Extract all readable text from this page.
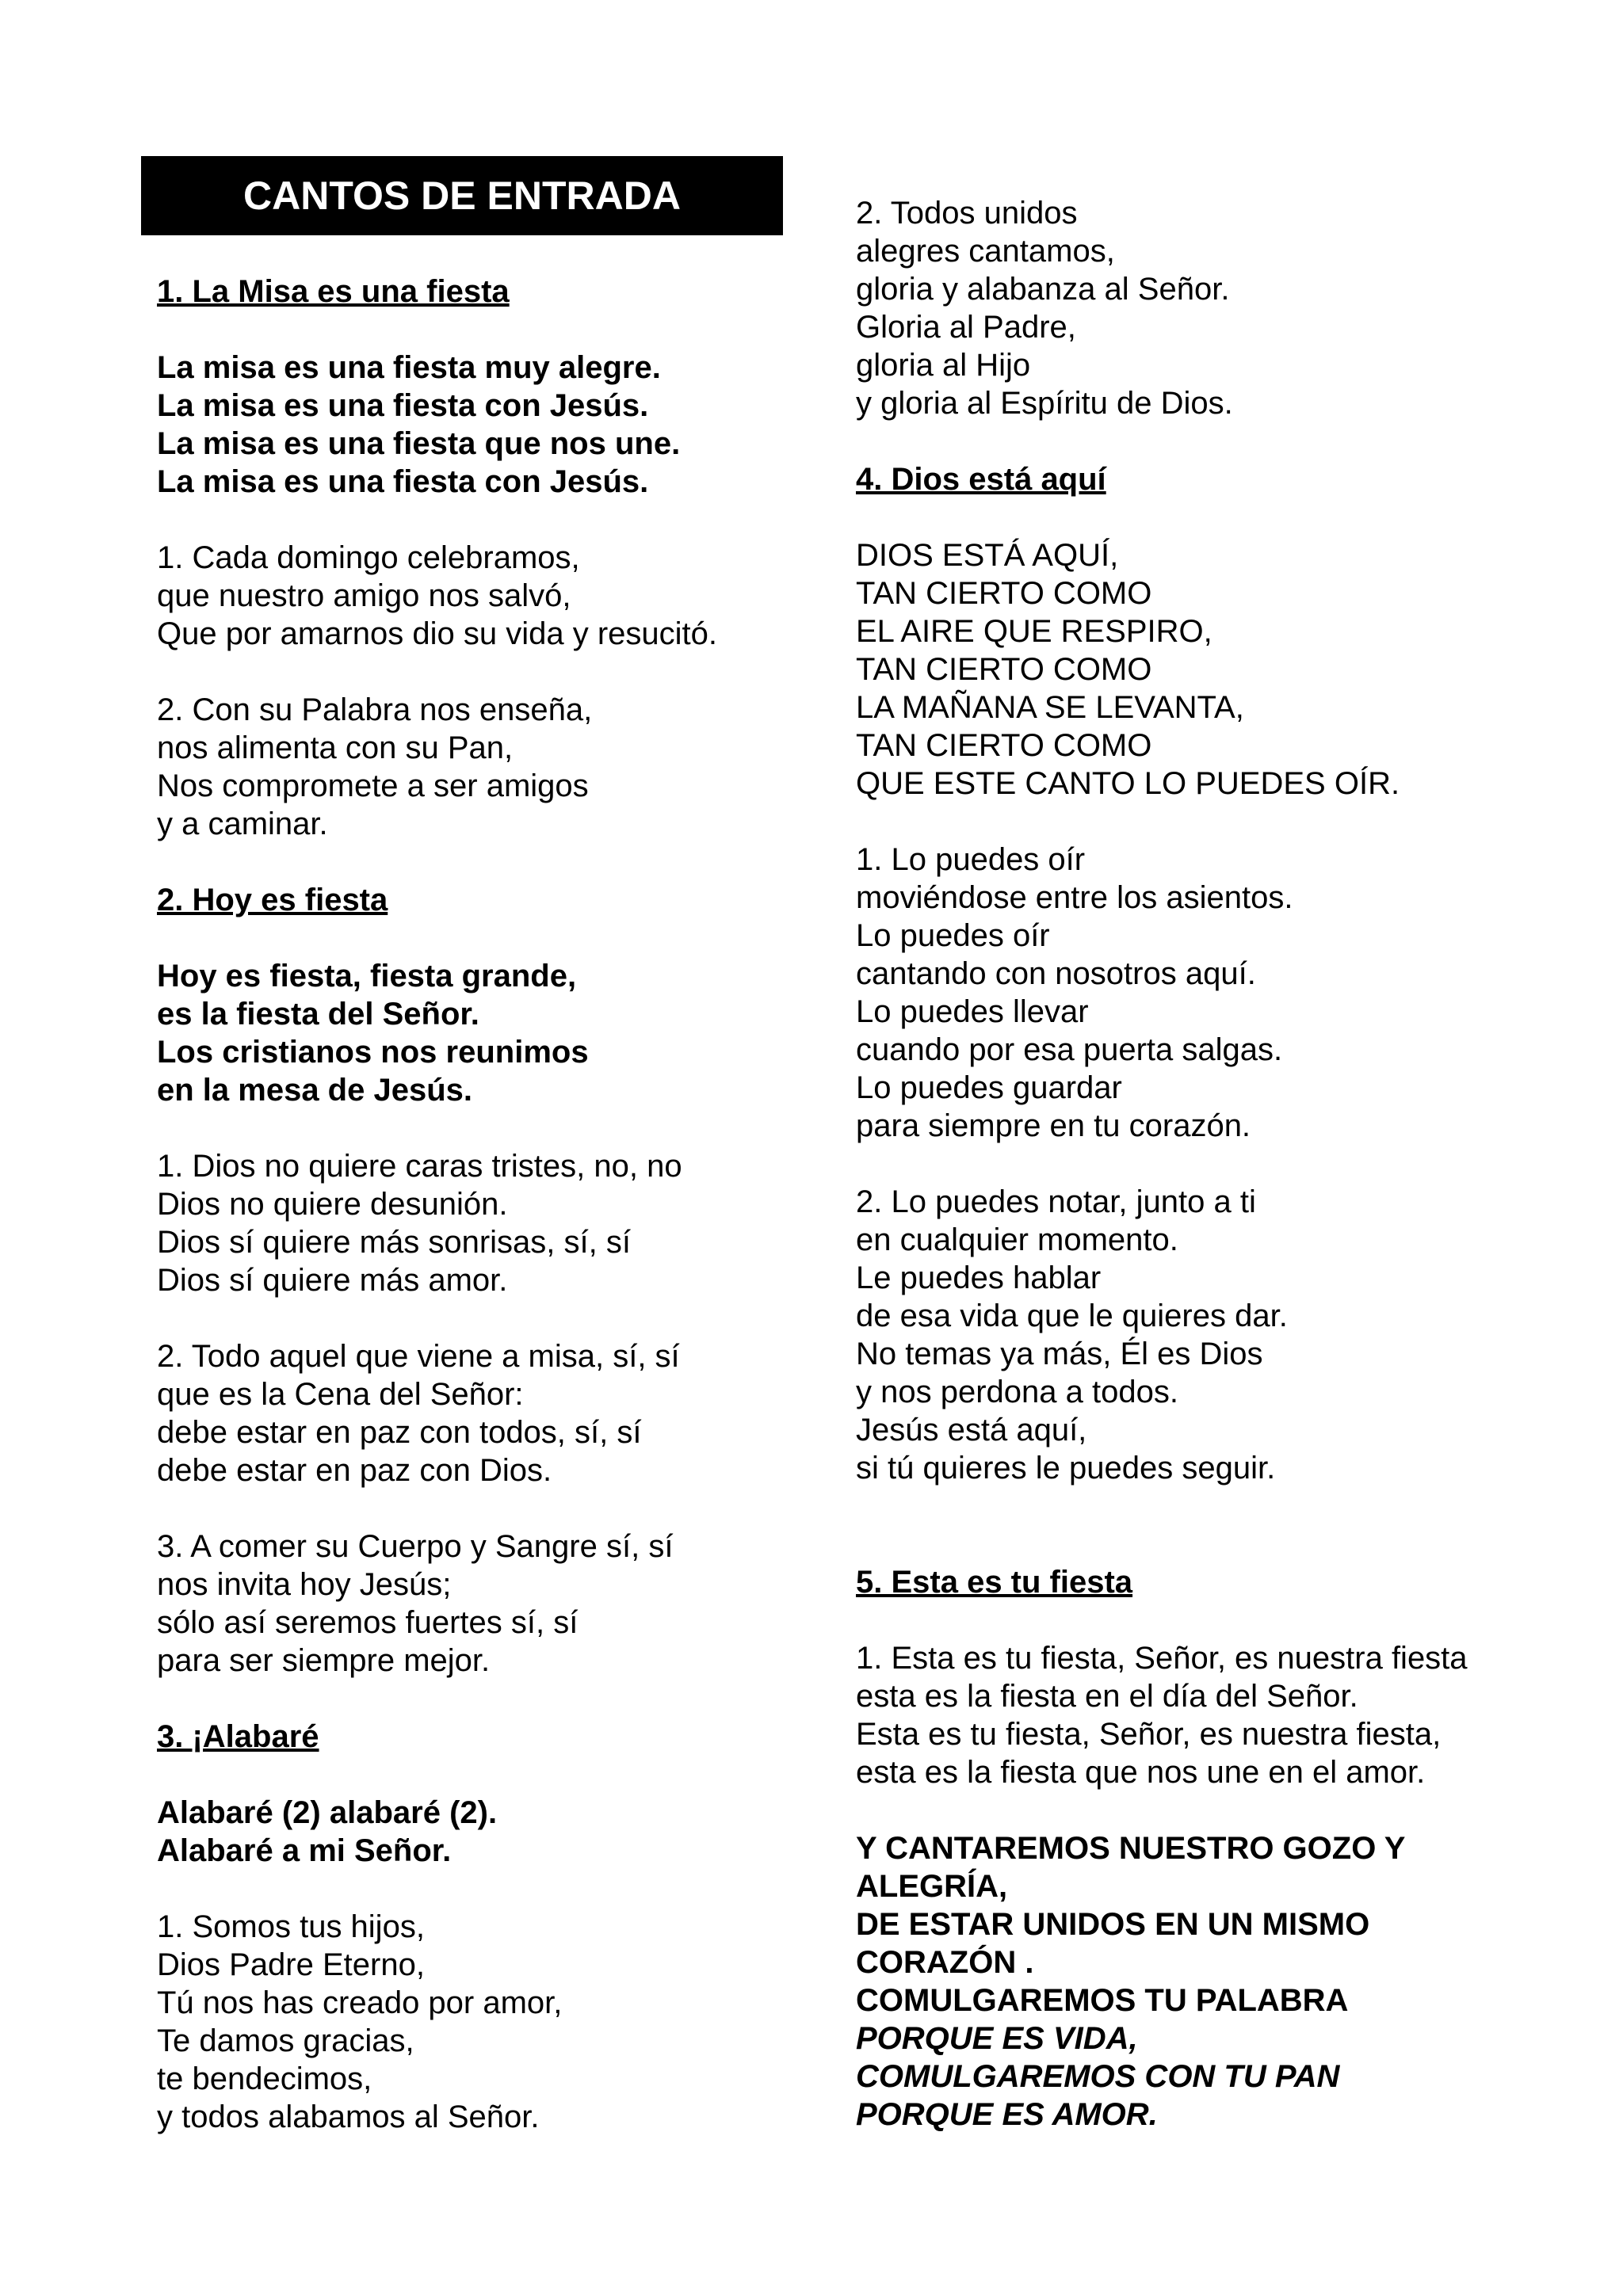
CANTOS DE ENTRADA
1. La Misa es una fiesta
La misa es una fiesta muy alegre.
La misa es una fiesta con Jesús.
La misa es una fiesta que nos une.
La misa es una fiesta con Jesús.
1. Cada domingo celebramos,
que nuestro amigo nos salvó,
Que por amarnos dio su vida y resucitó.
2. Con su Palabra nos enseña,
nos alimenta con su Pan,
Nos compromete a ser amigos
y a caminar.
2. Hoy es fiesta
Hoy es fiesta, fiesta grande,
es la fiesta del Señor.
Los cristianos nos reunimos
en la mesa de Jesús.
1. Dios no quiere caras tristes, no, no
Dios no quiere desunión.
Dios sí quiere más sonrisas, sí, sí
Dios sí quiere más amor.
2. Todo aquel que viene a misa, sí, sí
que es la Cena del Señor:
debe estar en paz con todos, sí, sí
debe estar en paz con Dios.
3. A comer su Cuerpo y Sangre sí, sí
nos invita hoy Jesús;
sólo así seremos fuertes sí, sí
para ser siempre mejor.
3. ¡Alabaré
Alabaré (2) alabaré (2).
Alabaré a mi Señor.
1. Somos tus hijos,
Dios Padre Eterno,
Tú nos has creado por amor,
Te damos gracias,
te bendecimos,
y todos alabamos al Señor.
2. Todos unidos
alegres cantamos,
gloria y alabanza al Señor.
Gloria al Padre,
gloria al Hijo
y gloria al Espíritu de Dios.
4. Dios está aquí
DIOS ESTÁ AQUÍ,
TAN CIERTO COMO
EL AIRE QUE RESPIRO,
TAN CIERTO COMO
LA MAÑANA SE LEVANTA,
TAN CIERTO COMO
QUE ESTE CANTO LO PUEDES OÍR.
1. Lo puedes oír
moviéndose entre los asientos.
Lo puedes oír
cantando con nosotros aquí.
Lo puedes llevar
cuando por esa puerta salgas.
Lo puedes guardar
para siempre en tu corazón.
2. Lo puedes notar, junto a ti
en cualquier momento.
Le puedes hablar
de esa vida que le quieres dar.
No temas ya más, Él es Dios
y nos perdona a todos.
Jesús está aquí,
si tú quieres le puedes seguir.
5. Esta es tu fiesta
1. Esta es tu fiesta, Señor, es nuestra fiesta
esta es la fiesta en el día del Señor.
Esta es tu fiesta, Señor, es nuestra fiesta,
esta es la fiesta que nos une en el amor.
Y CANTAREMOS NUESTRO GOZO Y
ALEGRÍA,
DE ESTAR UNIDOS EN UN MISMO
CORAZÓN .
COMULGAREMOS TU PALABRA
PORQUE ES VIDA,
COMULGAREMOS CON TU PAN
PORQUE ES AMOR.
